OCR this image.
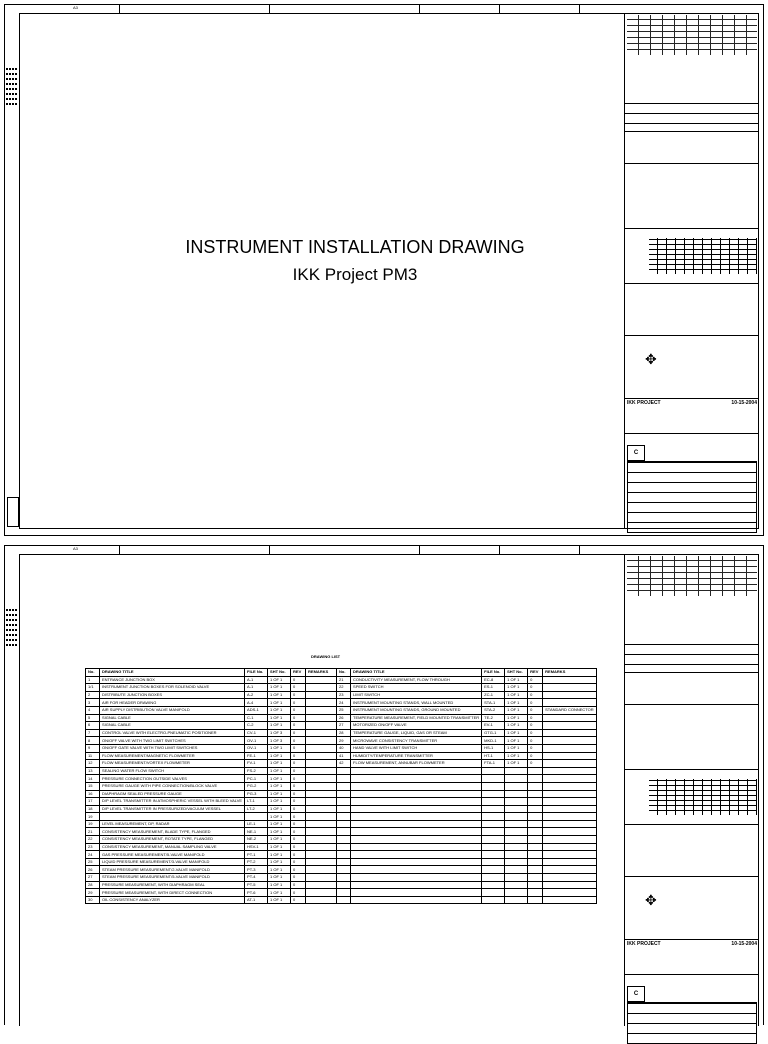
A3
INSTRUMENT INSTALLATION DRAWING
IKK Project PM3
✥
IKK PROJECT	10-15-2004
C
A3
DRAWING LIST
No.	DRAWING TITLE	FILE No.	SHT No.	REV	REMARKS	No.	DRAWING TITLE	FILE No.	SHT No.	REV	REMARKS
1	ENTRANCE JUNCTION BOX	A-1	1 OF 1	0		21	CONDUCTIVITY MEASUREMENT, FLOW THROUGH	EC-8	1 OF 1	0	
1/1	INSTRUMENT JUNCTION BOXES FOR SOLENOID VALVE	A-1	1 OF 1	0		22	SPEED SWITCH	ES-1	1 OF 1	0	
2	DISTRIBUTE JUNCTION BOXES	A-2	1 OF 1	0		23	LIMIT SWITCH	ZC-1	1 OF 1	0	
3	AIR FOR HEADER DRAWING	A-4	1 OF 1	0		24	INSTRUMENT MOUNTING STANDS, WALL MOUNTED	STA-1	1 OF 1	0	
4	AIR SUPPLY DISTRIBUTION VALVE MANIFOLD	ADS-1	1 OF 1	0		25	INSTRUMENT MOUNTING STANDS, GROUND MOUNTED	STA-2	1 OF 1	0	STANDARD CONNECTOR
5	SIGNAL CABLE	C-1	1 OF 1	0		26	TEMPERATURE MEASUREMENT, FIELD MOUNTED TRANSMITTER	TE-2	1 OF 1	0	
6	SIGNAL CABLE	C-2	1 OF 1	0		27	MOTORIZED ON/OFF VALVE	EV-1	1 OF 1	0	
7	CONTROL VALVE WITH ELECTRO-PNEUMATIC POSITIONER	CV-1	1 OF 3	0		28	TEMPERATURE GAUGE, LIQUID, GAS OR STEAM	GTG-1	1 OF 1	0	
8	ON/OFF VALVE WITH TWO LIMIT SWITCHES	OV-1	1 OF 3	0		29	MICROWAVE CONSISTENCY TRANSMITTER	MKD-1	1 OF 1	0	
9	ON/OFF GATE VALVE WITH TWO LIMIT SWITCHES	OV-1	1 OF 1	0		40	HAND VALVE WITH LIMIT SWITCH	HS-1	1 OF 1	0	
11	FLOW MEASUREMENT/MAGNETIC FLOWMETER	FE-1	1 OF 1	0		41	HUMIDITY/TEMPERATURE TRANSMITTER	HT-1	1 OF 1	0	
12	FLOW MEASUREMENT/VORTEX FLOWMETER	FV-1	1 OF 1	0		42	FLOW MEASUREMENT, ANNUBAR FLOWMETER	FTA-1	1 OF 1	0	
13	SEALING WATER FLOW SWITCH	FS-2	1 OF 1	0							
14	PRESSURE CONNECTION OUTSIDE VALVES	PC-1	1 OF 1	0							
15	PRESSURE GAUGE WITH PIPE CONNECTION/BLOCK VALVE	PG-2	1 OF 1	0							
16	DIAPHRAGM SEALED PRESSURE GAUGE	PG-3	1 OF 1	0							
17	D/P LEVEL TRANSMITTER IN ATMOSPHERIC VESSEL WITH BLEED VALVE	LT-1	1 OF 1	0							
18	D/P LEVEL TRANSMITTER IN PRESSURIZED/VACUUM VESSEL	LT-2	1 OF 1	0							
19			1 OF 1	0							
19	LEVEL MEASUREMENT, DP, RADAR	LE-1	1 OF 1	0							
21	CONSISTENCY MEASUREMENT, BLADE TYPE, FLANGED	NE-1	1 OF 1	0							
22	CONSISTENCY MEASUREMENT, ROTATE TYPE, FLANGED	NE-2	1 OF 1	0							
23	CONSISTENCY MEASUREMENT, MANUAL SAMPLING VALVE	HSV-1	1 OF 1	0							
24	GAS PRESSURE MEASUREMENT/5-VALVE MANIFOLD	PT-1	1 OF 1	0							
25	LIQUID PRESSURE MEASUREMENT/3-VALVE MANIFOLD	PT-2	1 OF 1	0							
26	STEAM PRESSURE MEASUREMENT/2-VALVE MANIFOLD	PT-3	1 OF 1	0							
27	STEAM PRESSURE MEASUREMENT/5-VALVE MANIFOLD	PT-4	1 OF 1	0							
28	PRESSURE MEASUREMENT, WITH DIAPHRAGM SEAL	PT-5	1 OF 1	0							
29	PRESSURE MEASUREMENT, WITH DIRECT CONNECTION	PT-6	1 OF 1	0							
30	OIL CONSISTENCY ANALYZER	AT-1	1 OF 1	0								✥
IKK PROJECT	10-15-2004
C
